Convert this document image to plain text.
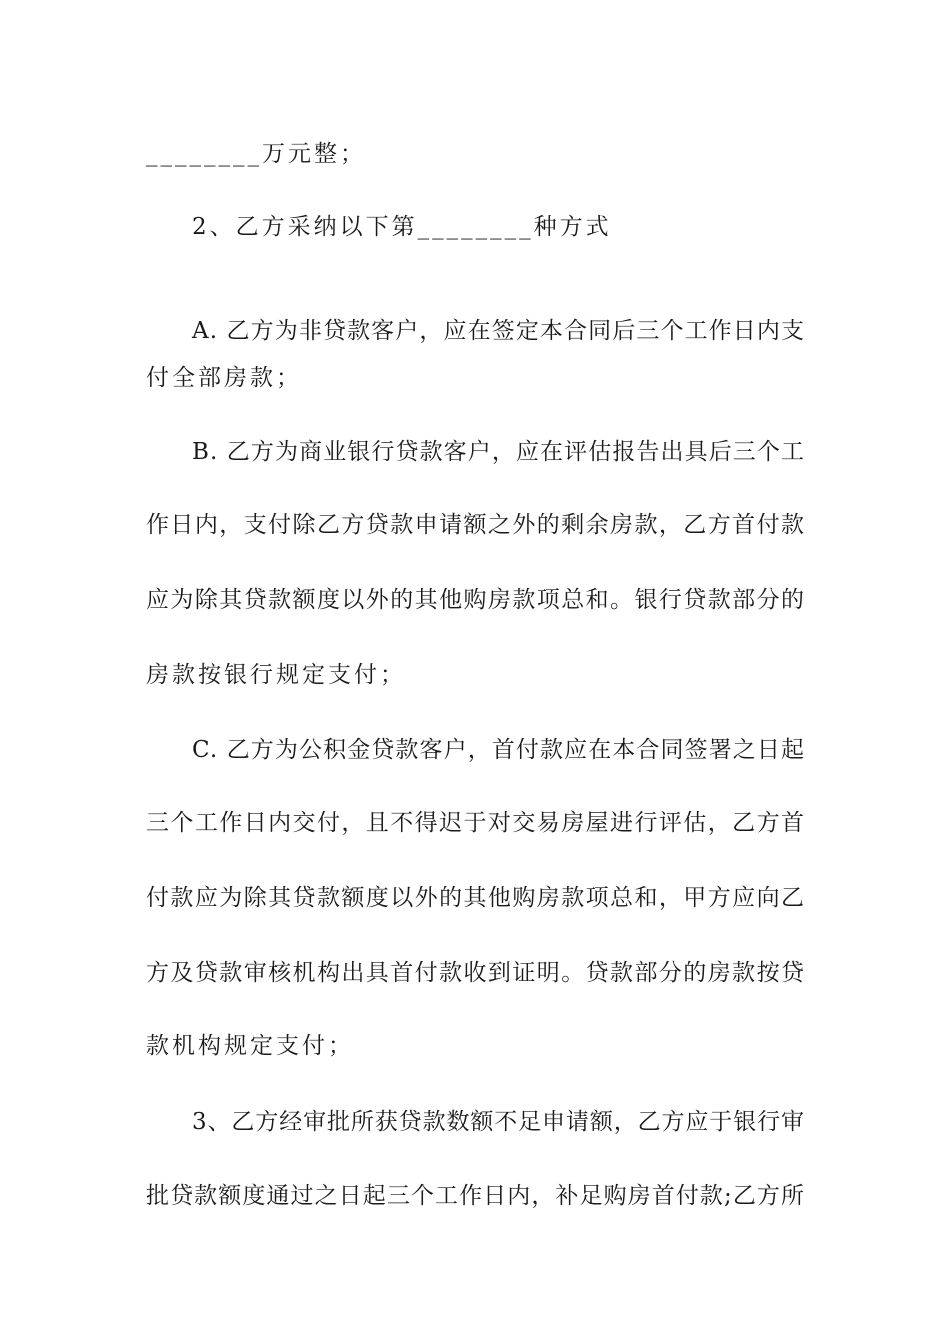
________万元整；
2、乙方采纳以下第________种方式
A. 乙方为非贷款客户，应在签定本合同后三个工作日内支
付全部房款；
B. 乙方为商业银行贷款客户，应在评估报告出具后三个工
作日内，支付除乙方贷款申请额之外的剩余房款，乙方首付款
应为除其贷款额度以外的其他购房款项总和。银行贷款部分的
房款按银行规定支付；
C. 乙方为公积金贷款客户，首付款应在本合同签署之日起
三个工作日内交付，且不得迟于对交易房屋进行评估，乙方首
付款应为除其贷款额度以外的其他购房款项总和，甲方应向乙
方及贷款审核机构出具首付款收到证明。贷款部分的房款按贷
款机构规定支付；
3、乙方经审批所获贷款数额不足申请额，乙方应于银行审
批贷款额度通过之日起三个工作日内，补足购房首付款;乙方所
